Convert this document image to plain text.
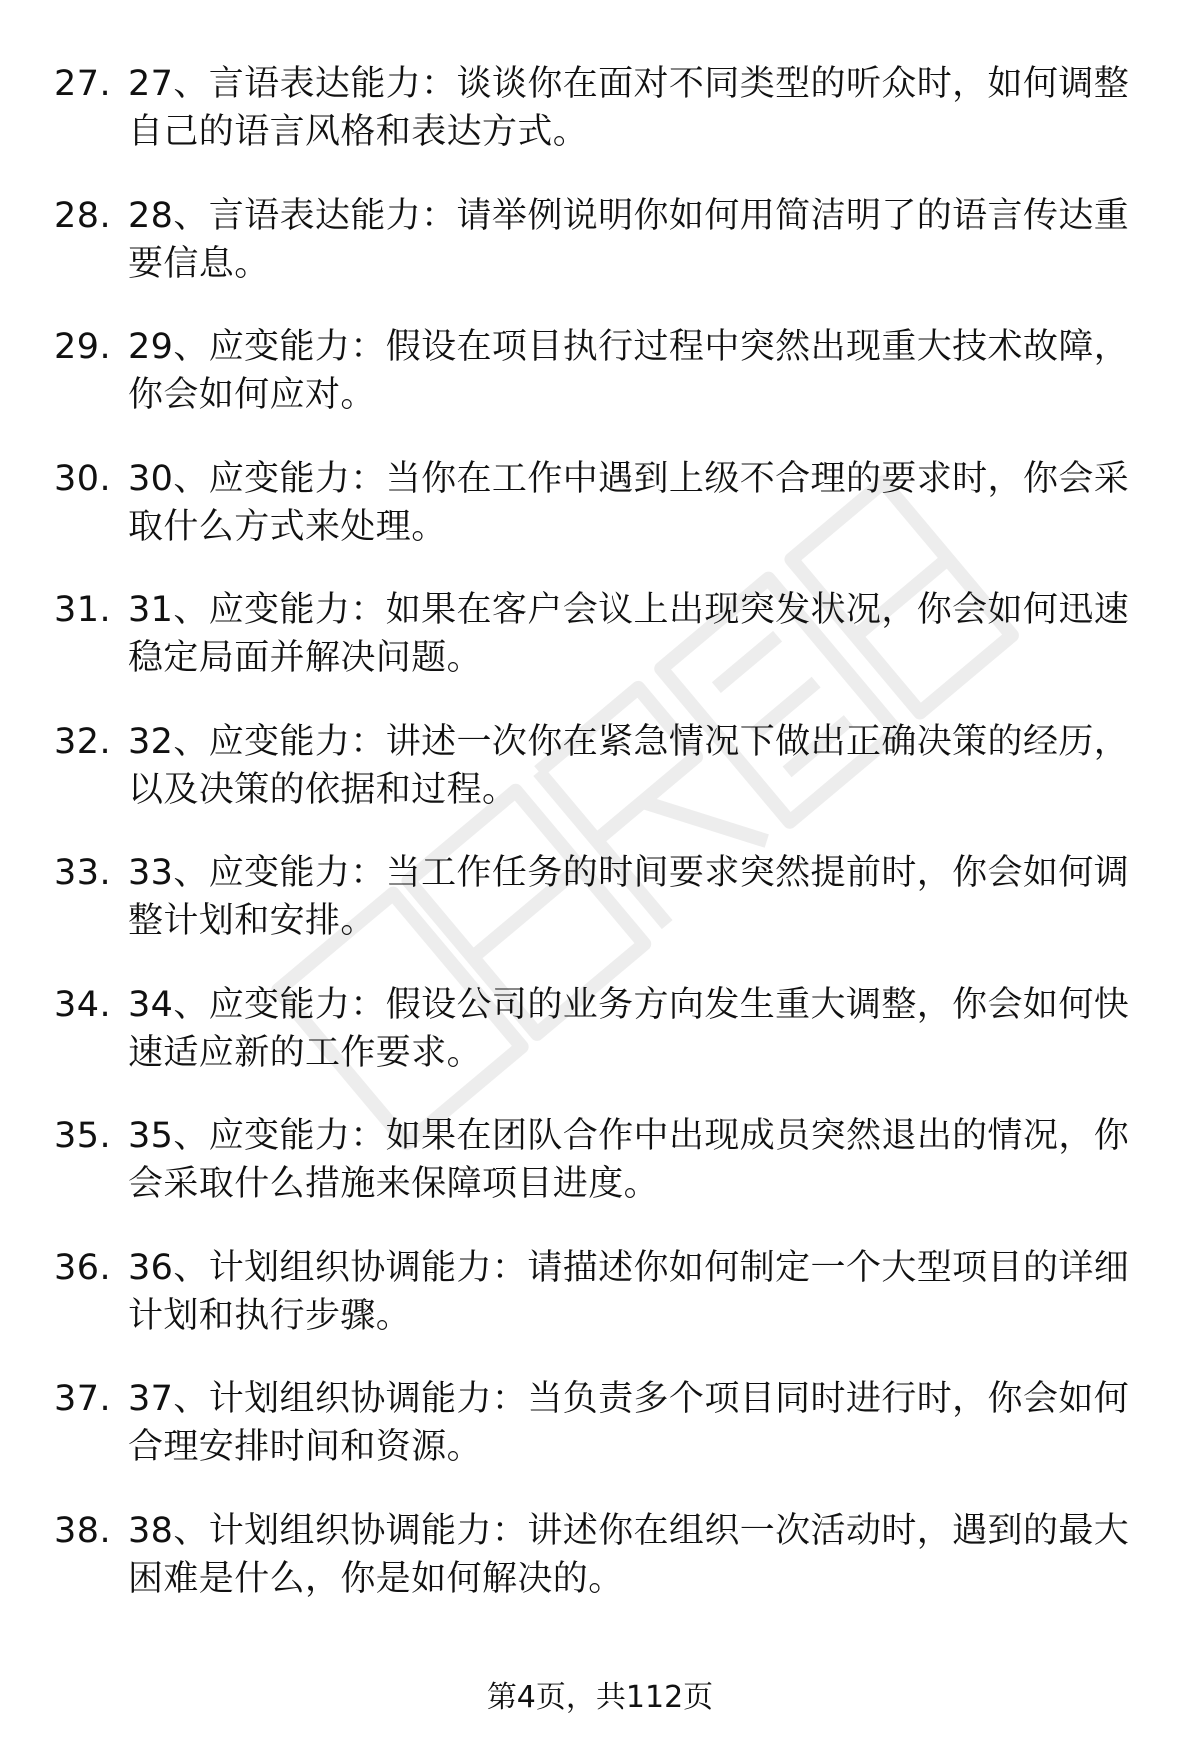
27. 27、言语表达能力：谈谈你在面对不同类型的听众时，如何调整自己的语言风格和表达方式。
28. 28、言语表达能力：请举例说明你如何用简洁明了的语言传达重要信息。
29. 29、应变能力：假设在项目执行过程中突然出现重大技术故障，你会如何应对。
30. 30、应变能力：当你在工作中遇到上级不合理的要求时，你会采取什么方式来处理。
31. 31、应变能力：如果在客户会议上出现突发状况，你会如何迅速稳定局面并解决问题。
32. 32、应变能力：讲述一次你在紧急情况下做出正确决策的经历，以及决策的依据和过程。
33. 33、应变能力：当工作任务的时间要求突然提前时，你会如何调整计划和安排。
34. 34、应变能力：假设公司的业务方向发生重大调整，你会如何快速适应新的工作要求。
35. 35、应变能力：如果在团队合作中出现成员突然退出的情况，你会采取什么措施来保障项目进度。
36. 36、计划组织协调能力：请描述你如何制定一个大型项目的详细计划和执行步骤。
37. 37、计划组织协调能力：当负责多个项目同时进行时，你会如何合理安排时间和资源。
38. 38、计划组织协调能力：讲述你在组织一次活动时，遇到的最大困难是什么，你是如何解决的。
第4页，共112页
